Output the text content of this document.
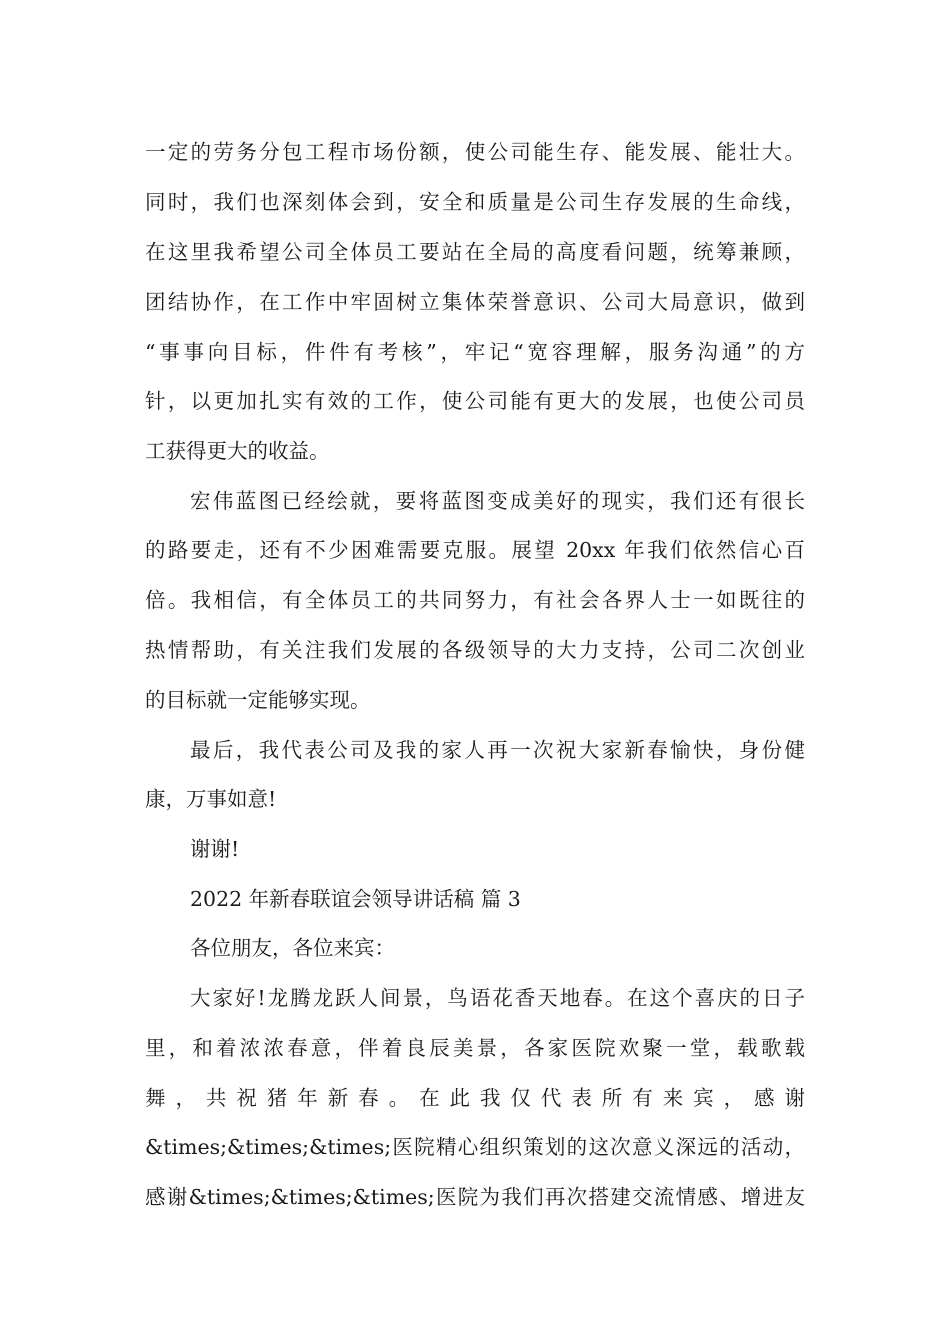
一定的劳务分包工程市场份额，使公司能生存、能发展、能壮大。
同时，我们也深刻体会到，安全和质量是公司生存发展的生命线，
在这里我希望公司全体员工要站在全局的高度看问题，统筹兼顾，
团结协作，在工作中牢固树立集体荣誉意识、公司大局意识，做到
“事事向目标，件件有考核”，牢记“宽容理解，服务沟通”的方
针，以更加扎实有效的工作，使公司能有更大的发展，也使公司员
工获得更大的收益。
宏伟蓝图已经绘就，要将蓝图变成美好的现实，我们还有很长
的路要走，还有不少困难需要克服。展望 20xx 年我们依然信心百
倍。我相信，有全体员工的共同努力，有社会各界人士一如既往的
热情帮助，有关注我们发展的各级领导的大力支持，公司二次创业
的目标就一定能够实现。
最后，我代表公司及我的家人再一次祝大家新春愉快，身份健
康，万事如意!
谢谢!
2022 年新春联谊会领导讲话稿 篇 3
各位朋友，各位来宾：
大家好!龙腾龙跃人间景，鸟语花香天地春。在这个喜庆的日子
里，和着浓浓春意，伴着良辰美景，各家医院欢聚一堂，载歌载
舞 ， 共 祝 猪 年 新 春 。 在 此 我 仅 代 表 所 有 来 宾 ， 感 谢
&times;&times;&times;医院精心组织策划的这次意义深远的活动，
感谢&times;&times;&times;医院为我们再次搭建交流情感、增进友
